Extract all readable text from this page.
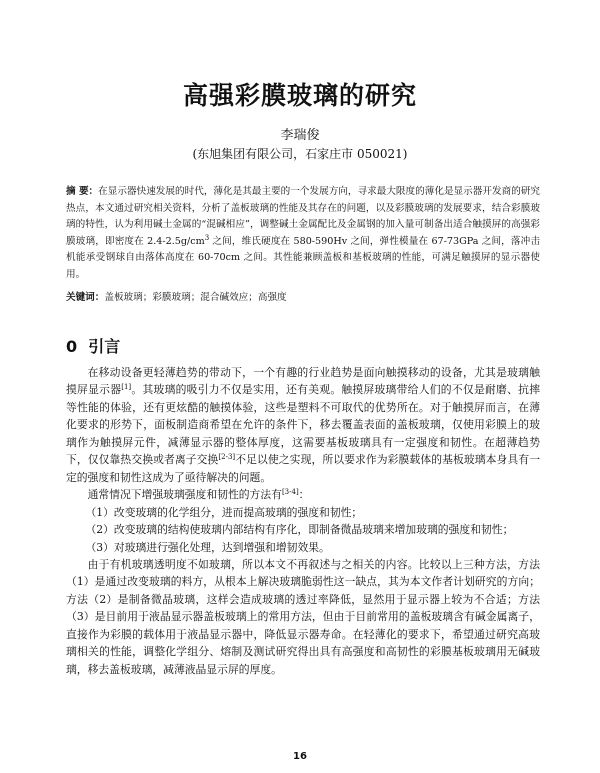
高强彩膜玻璃的研究
李瑞俊
(东旭集团有限公司，石家庄市 050021)

摘 要：在显示器快速发展的时代，薄化是其最主要的一个发展方向，寻求最大限度的薄化是显示器开发商的研究热点，本文通过研究相关资料，分析了盖板玻璃的性能及其存在的问题，以及彩膜玻璃的发展要求，结合彩膜玻璃的特性，认为利用碱土金属的“混碱相应”，调整碱土金属配比及金属钢的加入量可制备出适合触摸屏的高强彩膜玻璃，即密度在 $2.4-2.5g/cm^3$ 之间，维氏硬度在 580-590Hv 之间，弹性模量在 67-73GPa 之间，落冲击机能承受钢球自由落体高度在 60-70cm 之间。其性能兼顾盖板和基板玻璃的性能，可满足触摸屏的显示器使用。

关键词：盖板玻璃；彩膜玻璃；混合碱效应；高强度

0 引言

在移动设备更轻薄趋势的带动下，一个有趣的行业趋势是面向触摸移动的设备，尤其是玻璃触摸屏显示器[1]。其玻璃的吸引力不仅是实用，还有美观。触摸屏玻璃带给人们的不仅是耐磨、抗摔等性能的体验，还有更炫酷的触摸体验，这些是塑料不可取代的优势所在。对于触摸屏而言，在薄化要求的形势下，面板制造商希望在允许的条件下，移去覆盖表面的盖板玻璃，仅使用彩膜上的玻璃作为触摸屏元件，减薄显示器的整体厚度，这需要基板玻璃具有一定强度和韧性。在超薄趋势下，仅仅靠热交换或者离子交换[2-3]不足以使之实现，所以要求作为彩膜载体的基板玻璃本身具有一定的强度和韧性这成为了亟待解决的问题。

通常情况下增强玻璃强度和韧性的方法有[3-4]：

（1）改变玻璃的化学组分，进而提高玻璃的强度和韧性；

（2）改变玻璃的结构使玻璃内部结构有序化，即制备微晶玻璃来增加玻璃的强度和韧性；

（3）对玻璃进行强化处理，达到增强和增韧效果。

由于有机玻璃透明度不如玻璃，所以本文不再叙述与之相关的内容。比较以上三种方法，方法（1）是通过改变玻璃的料方，从根本上解决玻璃脆弱性这一缺点，其为本文作者计划研究的方向；方法（2）是制备微晶玻璃，这样会造成玻璃的透过率降低，显然用于显示器上较为不合适；方法（3）是目前用于液晶显示器盖板玻璃上的常用方法，但由于目前常用的盖板玻璃含有碱金属离子，直接作为彩膜的载体用于液晶显示器中，降低显示器寿命。在轻薄化的要求下，希望通过研究高玻璃相关的性能，调整化学组分、熔制及测试研究得出具有高强度和高韧性的彩膜基板玻璃用无碱玻璃，移去盖板玻璃，减薄液晶显示屏的厚度。

16
